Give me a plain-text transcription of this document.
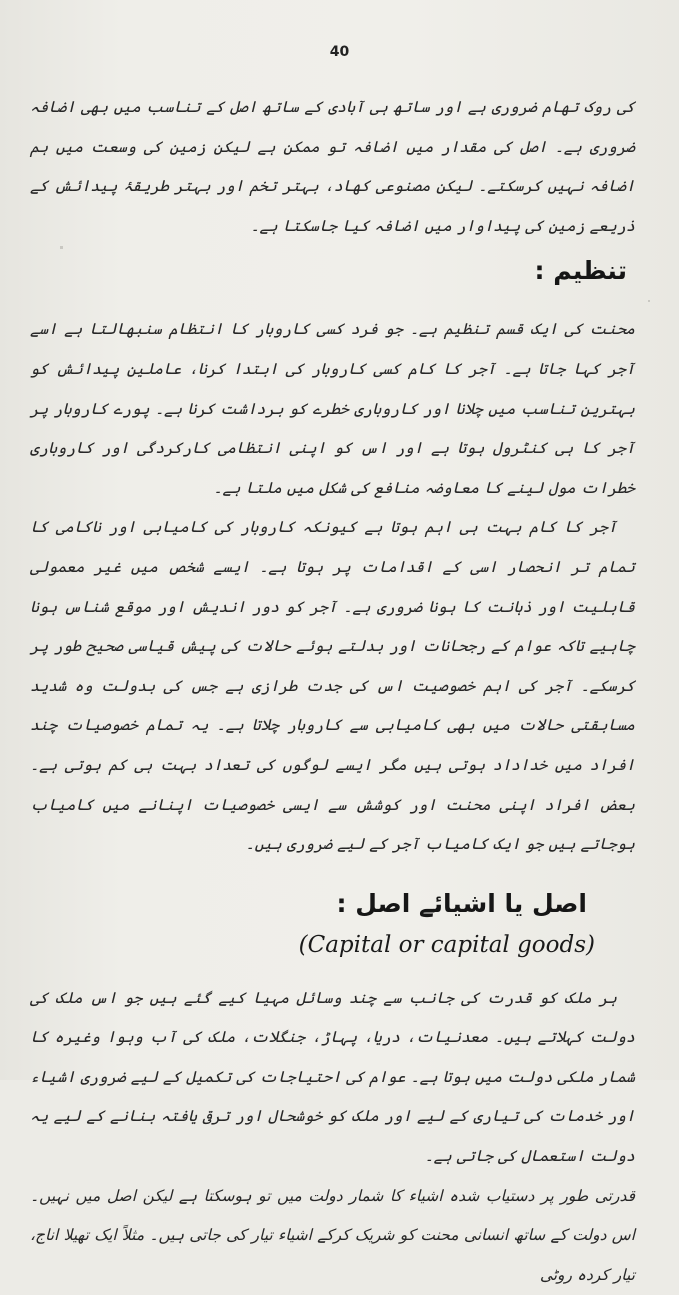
40

کی روک تھام ضروری ہے اور ساتھ ہی آبادی کے ساتھ اصل کے تناسب میں بھی اضافہ ضروری ہے۔ اصل کی مقدار میں اضافہ تو ممکن ہے لیکن زمین کی وسعت میں ہم اضافہ نہیں کرسکتے۔ لیکن مصنوعی کھاد، بہتر تخم اور بہتر طریقۂ پیدائش کے ذریعے زمین کی پیداوار میں اضافہ کیا جاسکتا ہے۔

تنظیم :

محنت کی ایک قسم تنظیم ہے۔ جو فرد کسی کاروبار کا انتظام سنبھالتا ہے اسے آجر کہا جاتا ہے۔ آجر کا کام کسی کاروبار کی ابتدا کرنا، عاملین پیدائش کو بہترین تناسب میں چلانا اور کاروباری خطرے کو برداشت کرنا ہے۔ پورے کاروبار پر آجر کا ہی کنٹرول ہوتا ہے اور اس کو اپنی انتظامی کارکردگی اور کاروباری خطرات مول لینے کا معاوضہ منافع کی شکل میں ملتا ہے۔

آجر کا کام بہت ہی اہم ہوتا ہے کیونکہ کاروبار کی کامیابی اور ناکامی کا تمام تر انحصار اسی کے اقدامات پر ہوتا ہے۔ ایسے شخص میں غیر معمولی قابلیت اور ذہانت کا ہونا ضروری ہے۔ آجر کو دور اندیش اور موقع شناس ہونا چاہیے تاکہ عوام کے رجحانات اور بدلتے ہوئے حالات کی پیش قیاسی صحیح طور پر کرسکے۔ آجر کی اہم خصوصیت اس کی جدت طرازی ہے جس کی بدولت وہ شدید مسابقتی حالات میں بھی کامیابی سے کاروبار چلاتا ہے۔ یہ تمام خصوصیات چند افراد میں خداداد ہوتی ہیں مگر ایسے لوگوں کی تعداد بہت ہی کم ہوتی ہے۔ بعض افراد اپنی محنت اور کوشش سے ایسی خصوصیات اپنانے میں کامیاب ہوجاتے ہیں جو ایک کامیاب آجر کے لیے ضروری ہیں۔

اصل یا اشیائے اصل :

(Capital or capital goods)

ہر ملک کو قدرت کی جانب سے چند وسائل مہیا کیے گئے ہیں جو اس ملک کی دولت کہلاتے ہیں۔ معدنیات، دریا، پہاڑ، جنگلات، ملک کی آب وہوا وغیرہ کا شمار ملکی دولت میں ہوتا ہے۔ عوام کی احتیاجات کی تکمیل کے لیے ضروری اشیاء اور خدمات کی تیاری کے لیے اور ملک کو خوشحال اور ترقی یافتہ بنانے کے لیے یہ دولت استعمال کی جاتی ہے۔

قدرتی طور پر دستیاب شدہ اشیاء کا شمار دولت میں تو ہوسکتا ہے لیکن اصل میں نہیں۔ اس دولت کے ساتھ انسانی محنت کو شریک کرکے اشیاء تیار کی جاتی ہیں۔ مثلاً ایک تھیلا اناج، تیار کردہ روٹی
